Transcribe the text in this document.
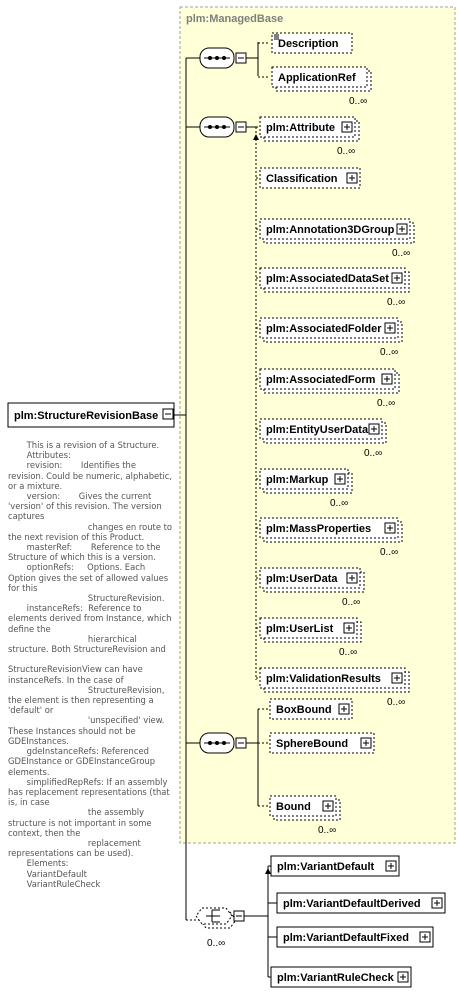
plm:ManagedBase
plm:StructureRevisionBase
Description
ApplicationRef
0..∞
plm:Attribute
0..∞
Classification
plm:Annotation3DGroup
0..∞
plm:AssociatedDataSet
0..∞
plm:AssociatedFolder
0..∞
plm:AssociatedForm
0..∞
plm:EntityUserData
0..∞
plm:Markup
0..∞
plm:MassProperties
0..∞
plm:UserData
0..∞
plm:UserList
0..∞
plm:ValidationResults
0..∞
BoxBound
SphereBound
Bound
0..∞
0..∞
plm:VariantDefault
plm:VariantDefaultDerived
plm:VariantDefaultFixed
plm:VariantRuleCheck
This is a revision of a Structure.
Attributes:
revision:       Identifies the revision. Could be numeric, alphabetic, or a mixture.
version:       Gives the current 'version' of this revision. The version captures
changes en route to the next revision of this Product.
masterRef:       Reference to the Structure of which this is a version.
optionRefs:     Options. Each Option gives the set of allowed values for this
StructureRevision.
instanceRefs:  Reference to elements derived from Instance, which define the
hierarchical structure. Both StructureRevision and
StructureRevisionView can have instanceRefs. In the case of
StructureRevision, the element is then representing a 'default' or
'unspecified' view. These Instances should not be GDEInstances.
gdeInstanceRefs: Referenced GDEInstance or GDEInstanceGroup elements.
simplifiedRepRefs: If an assembly has replacement representations (that is, in case
the assembly structure is not important in some context, then the
replacement representations can be used).
Elements:
VariantDefault
VariantRuleCheck
